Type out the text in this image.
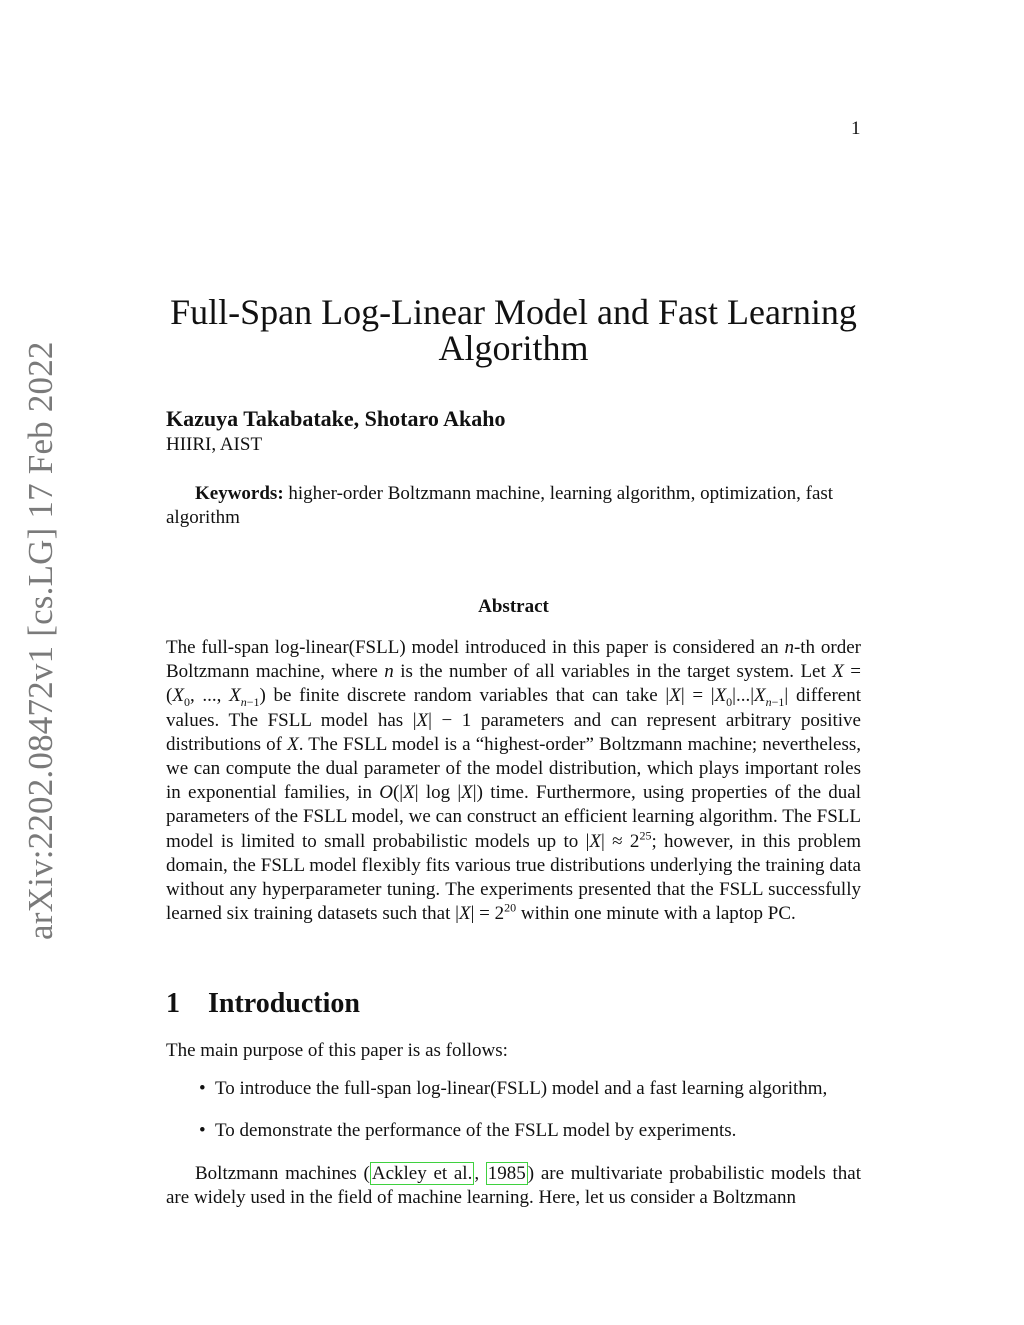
1
arXiv:2202.08472v1 [cs.LG] 17 Feb 2022
Full-Span Log-Linear Model and Fast Learning Algorithm
Kazuya Takabatake, Shotaro Akaho
HIIRI, AIST
Keywords: higher-order Boltzmann machine, learning algorithm, optimization, fast algorithm
Abstract
The full-span log-linear(FSLL) model introduced in this paper is considered an n-th order Boltzmann machine, where n is the number of all variables in the target system. Let $X = (X_0$, ..., $X_{n-1}$) be finite discrete random variables that can take $|X| = |X_0|...|X_{n-1}|$ different values. The FSLL model has |X| − 1 parameters and can represent arbitrary positive distributions of X. The FSLL model is a “highest-order” Boltzmann machine; nevertheless, we can compute the dual parameter of the model distribution, which plays important roles in exponential families, in O(|X| log |X|) time. Furthermore, using properties of the dual parameters of the FSLL model, we can construct an efficient learning algorithm. The FSLL model is limited to small probabilistic models up to $|X| \approx 2^{25}$; however, in this problem domain, the FSLL model flexibly fits various true distributions underlying the training data without any hyperparameter tuning. The experiments presented that the FSLL successfully learned six training datasets such that $|X| = 2^{20}$ within one minute with a laptop PC.
1 Introduction
The main purpose of this paper is as follows:
• To introduce the full-span log-linear(FSLL) model and a fast learning algorithm,
• To demonstrate the performance of the FSLL model by experiments.
Boltzmann machines ( Ackley et al. , 1985 ) are multivariate probabilistic models that are widely used in the field of machine learning. Here, let us consider a Boltzmann
